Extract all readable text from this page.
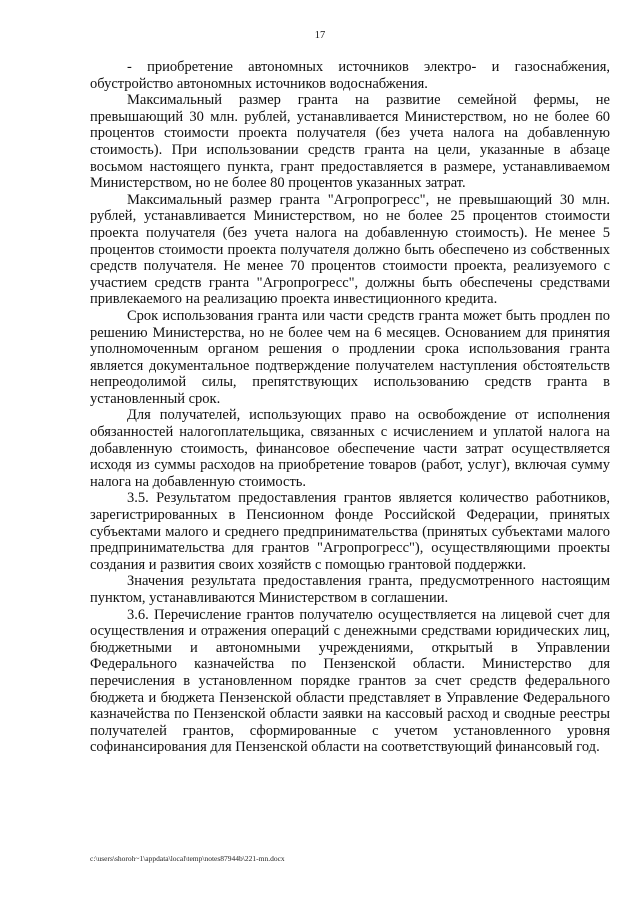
17

- приобретение автономных источников электро- и газоснабжения, обустройство автономных источников водоснабжения.

Максимальный размер гранта на развитие семейной фермы, не превышающий 30 млн. рублей, устанавливается Министерством, но не более 60 процентов стоимости проекта получателя (без учета налога на добавленную стоимость). При использовании средств гранта на цели, указанные в абзаце восьмом настоящего пункта, грант предоставляется в размере, устанавливаемом Министерством, но не более 80 процентов указанных затрат.

Максимальный размер гранта "Агропрогресс", не превышающий 30 млн. рублей, устанавливается Министерством, но не более 25 процентов стоимости проекта получателя (без учета налога на добавленную стоимость). Не менее 5 процентов стоимости проекта получателя должно быть обеспечено из собственных средств получателя. Не менее 70 процентов стоимости проекта, реализуемого с участием средств гранта "Агропрогресс", должны быть обеспечены средствами привлекаемого на реализацию проекта инвестиционного кредита.

Срок использования гранта или части средств гранта может быть продлен по решению Министерства, но не более чем на 6 месяцев. Основанием для принятия уполномоченным органом решения о продлении срока использования гранта является документальное подтверждение получателем наступления обстоятельств непреодолимой силы, препятствующих использованию средств гранта в установленный срок.

Для получателей, использующих право на освобождение от исполнения обязанностей налогоплательщика, связанных с исчислением и уплатой налога на добавленную стоимость, финансовое обеспечение части затрат осуществляется исходя из суммы расходов на приобретение товаров (работ, услуг), включая сумму налога на добавленную стоимость.

3.5. Результатом предоставления грантов является количество работников, зарегистрированных в Пенсионном фонде Российской Федерации, принятых субъектами малого и среднего предпринимательства (принятых субъектами малого предпринимательства для грантов "Агропрогресс"), осуществляющими проекты создания и развития своих хозяйств с помощью грантовой поддержки.

Значения результата предоставления гранта, предусмотренного настоящим пунктом, устанавливаются Министерством в соглашении.

3.6. Перечисление грантов получателю осуществляется на лицевой счет для осуществления и отражения операций с денежными средствами юридических лиц, бюджетными и автономными учреждениями, открытый в Управлении Федерального казначейства по Пензенской области. Министерство для перечисления в установленном порядке грантов за счет средств федерального бюджета и бюджета Пензенской области представляет в Управление Федерального казначейства по Пензенской области заявки на кассовый расход и сводные реестры получателей грантов, сформированные с учетом установленного уровня софинансирования для Пензенской области на соответствующий финансовый год.

c:\users\shoroh~1\appdata\local\temp\notes87944b\221-mn.docx
